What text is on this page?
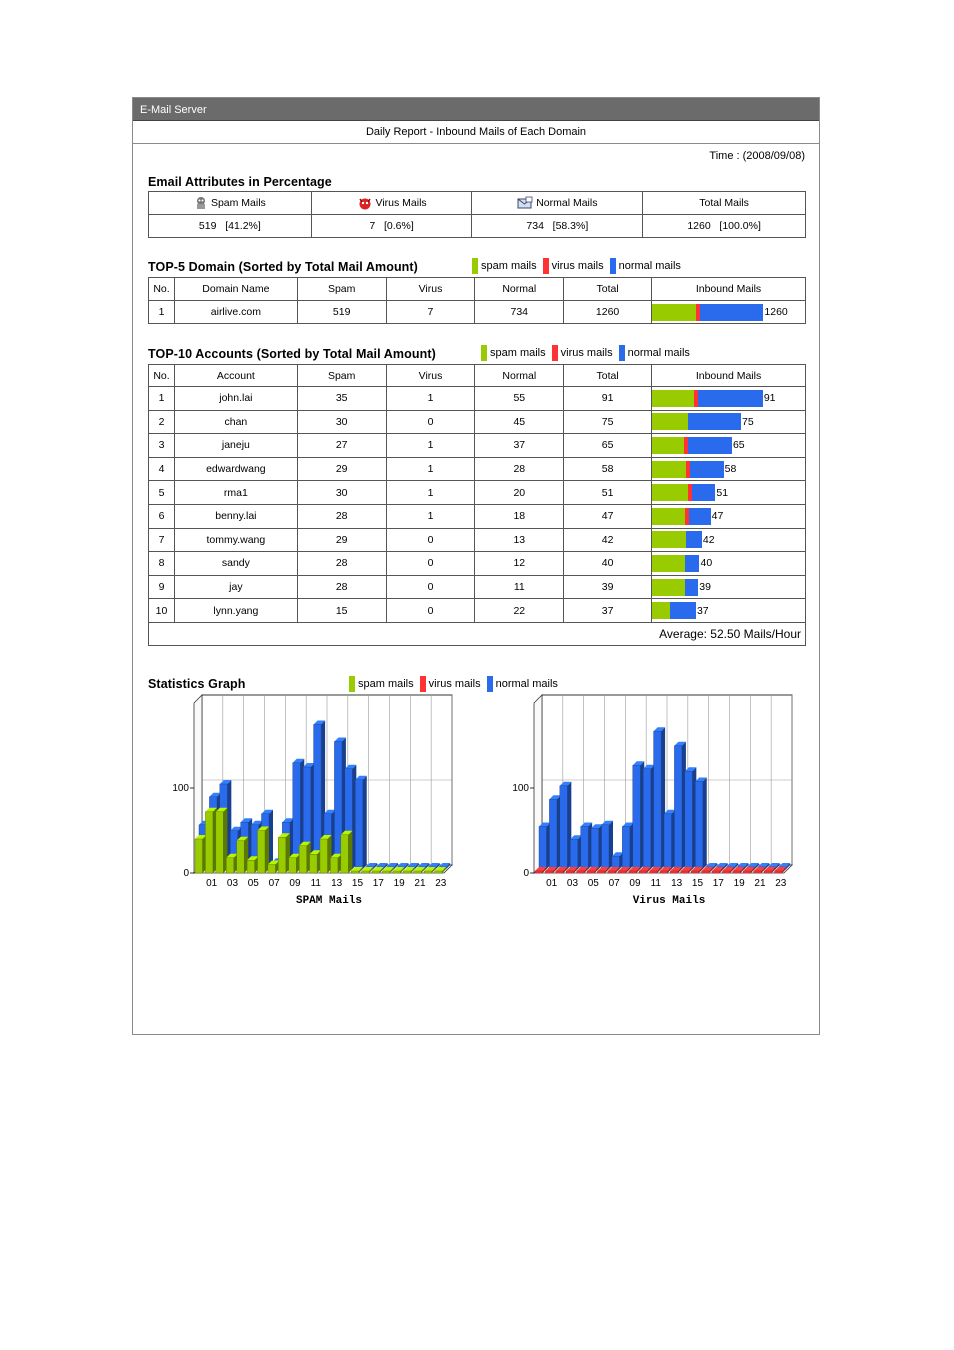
E-Mail Server
Daily Report - Inbound Mails of Each Domain
Time : (2008/09/08)
Email Attributes in Percentage
Spam Mails	Virus Mails	Normal Mails	Total Mails
519   [41.2%]	7   [0.6%]	734   [58.3%]	1260   [100.0%]
TOP-5 Domain (Sorted by Total Mail Amount)	spam mails virus mails normal mails
No.	Domain Name	Spam	Virus	Normal	Total	Inbound Mails
1	airlive.com	519	7	734	1260	1260
TOP-10 Accounts (Sorted by Total Mail Amount)	spam mails virus mails normal mails
No.	Account	Spam	Virus	Normal	Total	Inbound Mails
1	john.lai	35	1	55	91	91

2	chan	30	0	45	75	75

3	janeju	27	1	37	65	65

4	edwardwang	29	1	28	58	58

5	rma1	30	1	20	51	51

6	benny.lai	28	1	18	47	47

7	tommy.wang	29	0	13	42	42

8	sandy	28	0	12	40	40

9	jay	28	0	11	39	39

10	lynn.yang	15	0	22	37	37

Average: 52.50 Mails/Hour						
Statistics Graph	spam mails virus mails normal mails
0
100
01 03 05 07 09 11 13 15 17 19 21 23
SPAM Mails
0
100
01 03 05 07 09 11 13 15 17 19 21 23
Virus Mails
